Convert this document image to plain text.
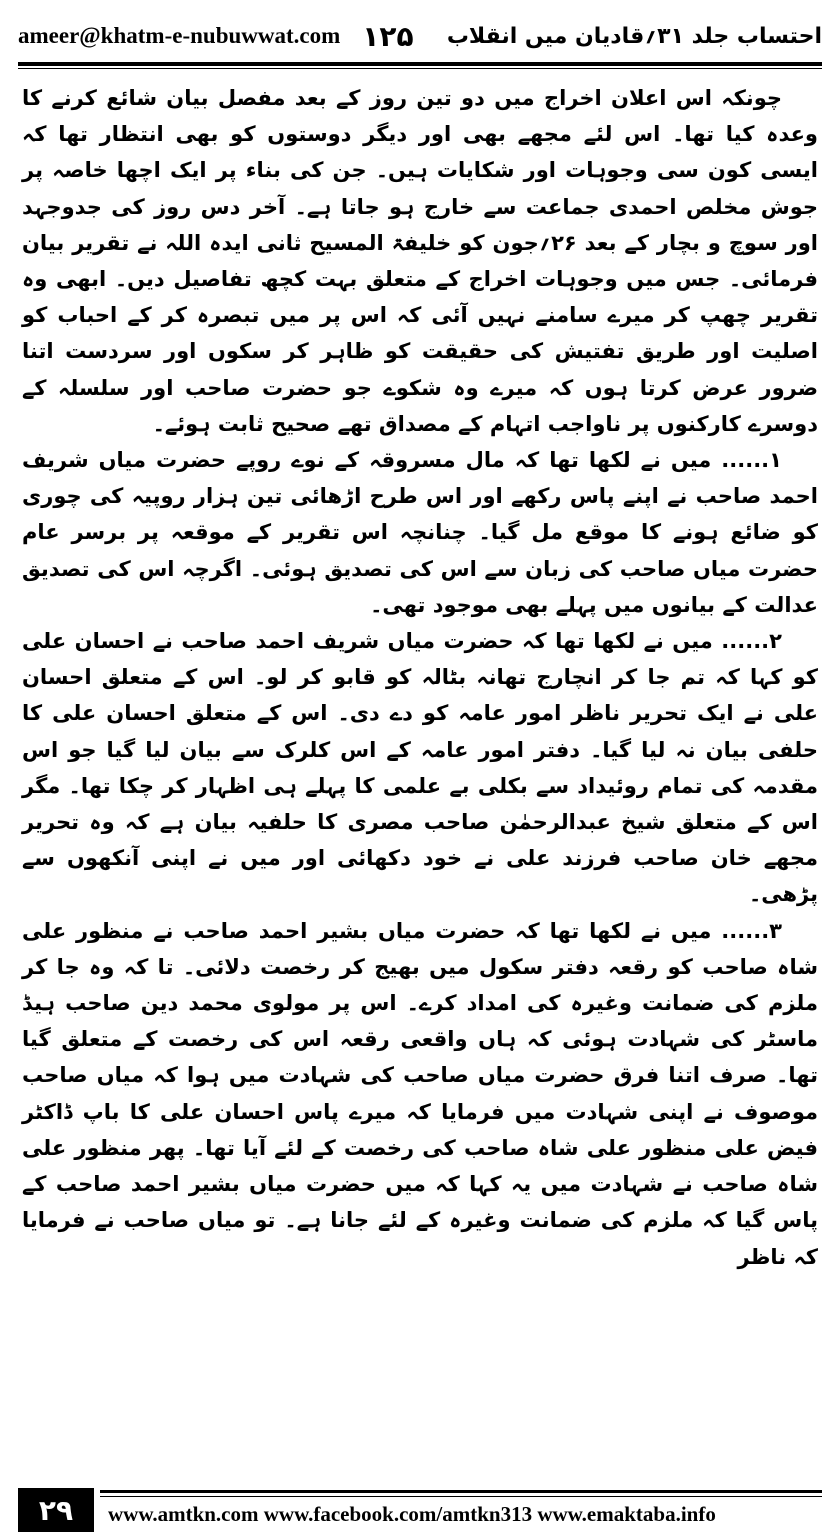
ameer@khatm-e-nubuwwat.com ۱۲۵ احتساب جلد ۳۱؍قادیان میں انقلاب

چونکہ اس اعلان اخراج میں دو تین روز کے بعد مفصل بیان شائع کرنے کا وعدہ کیا تھا۔ اس لئے مجھے بھی اور دیگر دوستوں کو بھی انتظار تھا کہ ایسی کون سی وجوہات اور شکایات ہیں۔ جن کی بناء پر ایک اچھا خاصہ پر جوش مخلص احمدی جماعت سے خارج ہو جاتا ہے۔ آخر دس روز کی جدوجہد اور سوچ و بچار کے بعد ۲۶؍جون کو خلیفۃ المسیح ثانی ایدہ اللہ نے تقریر بیان فرمائی۔ جس میں وجوہات اخراج کے متعلق بہت کچھ تفاصیل دیں۔ ابھی وہ تقریر چھپ کر میرے سامنے نہیں آئی کہ اس پر میں تبصرہ کر کے احباب کو اصلیت اور طریق تفتیش کی حقیقت کو ظاہر کر سکوں اور سردست اتنا ضرور عرض کرتا ہوں کہ میرے وہ شکوے جو حضرت صاحب اور سلسلہ کے دوسرے کارکنوں پر ناواجب اتہام کے مصداق تھے صحیح ثابت ہوئے۔

۱...... میں نے لکھا تھا کہ مال مسروقہ کے نوے روپے حضرت میاں شریف احمد صاحب نے اپنے پاس رکھے اور اس طرح اڑھائی تین ہزار روپیہ کی چوری کو ضائع ہونے کا موقع مل گیا۔ چنانچہ اس تقریر کے موقعہ پر برسر عام حضرت میاں صاحب کی زبان سے اس کی تصدیق ہوئی۔ اگرچہ اس کی تصدیق عدالت کے بیانوں میں پہلے بھی موجود تھی۔

۲...... میں نے لکھا تھا کہ حضرت میاں شریف احمد صاحب نے احسان علی کو کہا کہ تم جا کر انچارج تھانہ بٹالہ کو قابو کر لو۔ اس کے متعلق احسان علی نے ایک تحریر ناظر امور عامہ کو دے دی۔ اس کے متعلق احسان علی کا حلفی بیان نہ لیا گیا۔ دفتر امور عامہ کے اس کلرک سے بیان لیا گیا جو اس مقدمہ کی تمام روئیداد سے بکلی بے علمی کا پہلے ہی اظہار کر چکا تھا۔ مگر اس کے متعلق شیخ عبدالرحمٰن صاحب مصری کا حلفیہ بیان ہے کہ وہ تحریر مجھے خان صاحب فرزند علی نے خود دکھائی اور میں نے اپنی آنکھوں سے پڑھی۔

۳...... میں نے لکھا تھا کہ حضرت میاں بشیر احمد صاحب نے منظور علی شاہ صاحب کو رقعہ دفتر سکول میں بھیج کر رخصت دلائی۔ تا کہ وہ جا کر ملزم کی ضمانت وغیرہ کی امداد کرے۔ اس پر مولوی محمد دین صاحب ہیڈ ماسٹر کی شہادت ہوئی کہ ہاں واقعی رقعہ اس کی رخصت کے متعلق گیا تھا۔ صرف اتنا فرق حضرت میاں صاحب کی شہادت میں ہوا کہ میاں صاحب موصوف نے اپنی شہادت میں فرمایا کہ میرے پاس احسان علی کا باپ ڈاکٹر فیض علی منظور علی شاہ صاحب کی رخصت کے لئے آیا تھا۔ پھر منظور علی شاہ صاحب نے شہادت میں یہ کہا کہ میں حضرت میاں بشیر احمد صاحب کے پاس گیا کہ ملزم کی ضمانت وغیرہ کے لئے جانا ہے۔ تو میاں صاحب نے فرمایا کہ ناظر

۲۹	www.amtkn.com www.facebook.com/amtkn313 www.emaktaba.info
